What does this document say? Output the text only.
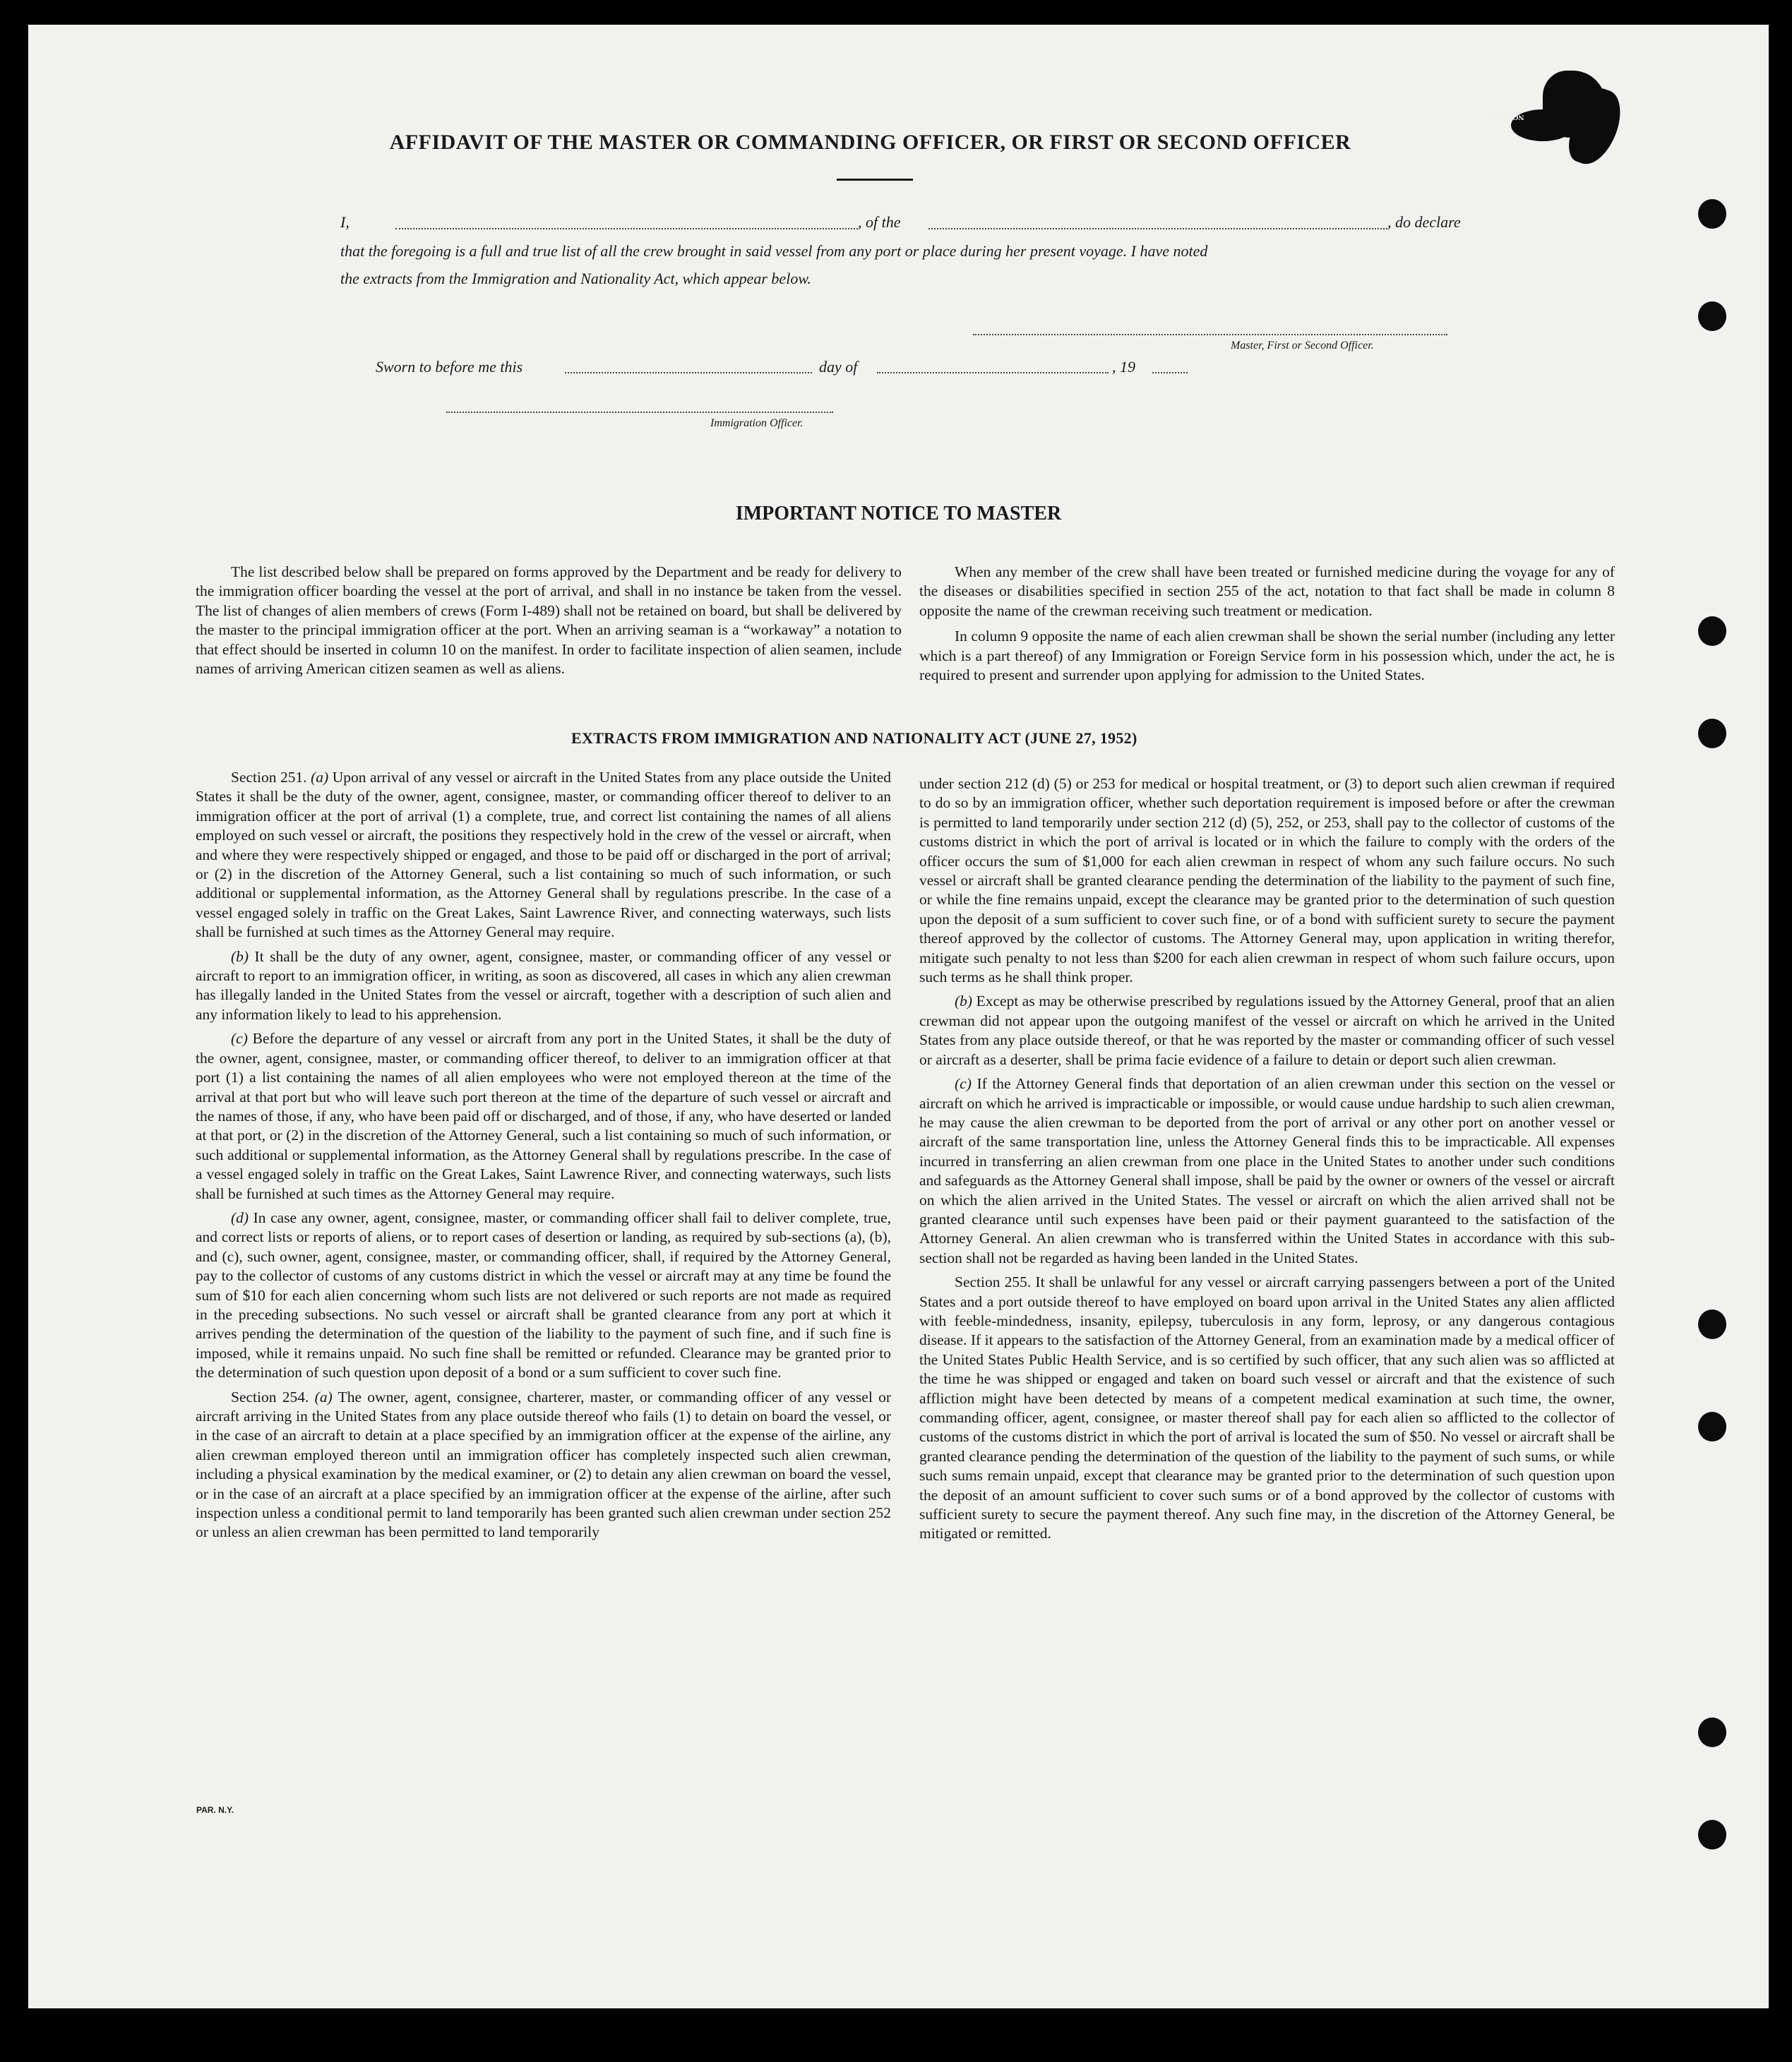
NOITVT
AFFIDAVIT OF THE MASTER OR COMMANDING OFFICER, OR FIRST OR SECOND OFFICER
I,	, of the	, do declare
that the foregoing is a full and true list of all the crew brought in said vessel from any port or place during her present voyage. I have noted
the extracts from the Immigration and Nationality Act, which appear below.
Master, First or Second Officer.
Sworn to before me this	day of	, 19
Immigration Officer.
IMPORTANT NOTICE TO MASTER

The list described below shall be prepared on forms approved by the Department and be ready for delivery to the immigration officer boarding the vessel at the port of arrival, and shall in no instance be taken from the vessel. The list of changes of alien members of crews (Form I-489) shall not be retained on board, but shall be delivered by the master to the principal immigration officer at the port. When an arriving seaman is a “workaway” a notation to that effect should be inserted in column 10 on the manifest. In order to facilitate inspection of alien seamen, include names of arriving American citizen seamen as well as aliens.

When any member of the crew shall have been treated or furnished medicine during the voyage for any of the diseases or disabilities specified in section 255 of the act, notation to that fact shall be made in column 8 opposite the name of the crewman receiving such treatment or medication.

In column 9 opposite the name of each alien crewman shall be shown the serial number (including any letter which is a part thereof) of any Immigration or Foreign Service form in his possession which, under the act, he is required to present and surrender upon applying for admission to the United States.

EXTRACTS FROM IMMIGRATION AND NATIONALITY ACT (JUNE 27, 1952)

Section 251. (a) Upon arrival of any vessel or aircraft in the United States from any place outside the United States it shall be the duty of the owner, agent, consignee, master, or commanding officer thereof to deliver to an immigration officer at the port of arrival (1) a complete, true, and correct list containing the names of all aliens employed on such vessel or aircraft, the positions they respectively hold in the crew of the vessel or aircraft, when and where they were respectively shipped or engaged, and those to be paid off or discharged in the port of arrival; or (2) in the discretion of the Attorney General, such a list containing so much of such information, or such additional or supplemental information, as the Attorney General shall by regulations prescribe. In the case of a vessel engaged solely in traffic on the Great Lakes, Saint Lawrence River, and connecting waterways, such lists shall be furnished at such times as the Attorney General may require.

(b) It shall be the duty of any owner, agent, consignee, master, or commanding officer of any vessel or aircraft to report to an immigration officer, in writing, as soon as discovered, all cases in which any alien crewman has illegally landed in the United States from the vessel or aircraft, together with a description of such alien and any information likely to lead to his apprehension.

(c) Before the departure of any vessel or aircraft from any port in the United States, it shall be the duty of the owner, agent, consignee, master, or commanding officer thereof, to deliver to an immigration officer at that port (1) a list containing the names of all alien employees who were not employed thereon at the time of the arrival at that port but who will leave such port thereon at the time of the departure of such vessel or aircraft and the names of those, if any, who have been paid off or discharged, and of those, if any, who have deserted or landed at that port, or (2) in the discretion of the Attorney General, such a list containing so much of such information, or such additional or supplemental information, as the Attorney General shall by regulations prescribe. In the case of a vessel engaged solely in traffic on the Great Lakes, Saint Lawrence River, and connecting waterways, such lists shall be furnished at such times as the Attorney General may require.

(d) In case any owner, agent, consignee, master, or commanding officer shall fail to deliver complete, true, and correct lists or reports of aliens, or to report cases of desertion or landing, as required by sub-sections (a), (b), and (c), such owner, agent, consignee, master, or commanding officer, shall, if required by the Attorney General, pay to the collector of customs of any customs district in which the vessel or aircraft may at any time be found the sum of $10 for each alien concerning whom such lists are not delivered or such reports are not made as required in the preceding subsections. No such vessel or aircraft shall be granted clearance from any port at which it arrives pending the determination of the question of the liability to the payment of such fine, and if such fine is imposed, while it remains unpaid. No such fine shall be remitted or refunded. Clearance may be granted prior to the determination of such question upon deposit of a bond or a sum sufficient to cover such fine.

Section 254. (a) The owner, agent, consignee, charterer, master, or commanding officer of any vessel or aircraft arriving in the United States from any place outside thereof who fails (1) to detain on board the vessel, or in the case of an aircraft to detain at a place specified by an immigration officer at the expense of the airline, any alien crewman employed thereon until an immigration officer has completely inspected such alien crewman, including a physical examination by the medical examiner, or (2) to detain any alien crewman on board the vessel, or in the case of an aircraft at a place specified by an immigration officer at the expense of the airline, after such inspection unless a conditional permit to land temporarily has been granted such alien crewman under section 252 or unless an alien crewman has been permitted to land temporarily

under section 212 (d) (5) or 253 for medical or hospital treatment, or (3) to deport such alien crewman if required to do so by an immigration officer, whether such deportation requirement is imposed before or after the crewman is permitted to land temporarily under section 212 (d) (5), 252, or 253, shall pay to the collector of customs of the customs district in which the port of arrival is located or in which the failure to comply with the orders of the officer occurs the sum of $1,000 for each alien crewman in respect of whom any such failure occurs. No such vessel or aircraft shall be granted clearance pending the determination of the liability to the payment of such fine, or while the fine remains unpaid, except the clearance may be granted prior to the determination of such question upon the deposit of a sum sufficient to cover such fine, or of a bond with sufficient surety to secure the payment thereof approved by the collector of customs. The Attorney General may, upon application in writing therefor, mitigate such penalty to not less than $200 for each alien crewman in respect of whom such failure occurs, upon such terms as he shall think proper.

(b) Except as may be otherwise prescribed by regulations issued by the Attorney General, proof that an alien crewman did not appear upon the outgoing manifest of the vessel or aircraft on which he arrived in the United States from any place outside thereof, or that he was reported by the master or commanding officer of such vessel or aircraft as a deserter, shall be prima facie evidence of a failure to detain or deport such alien crewman.

(c) If the Attorney General finds that deportation of an alien crewman under this section on the vessel or aircraft on which he arrived is impracticable or impossible, or would cause undue hardship to such alien crewman, he may cause the alien crewman to be deported from the port of arrival or any other port on another vessel or aircraft of the same transportation line, unless the Attorney General finds this to be impracticable. All expenses incurred in transferring an alien crewman from one place in the United States to another under such conditions and safeguards as the Attorney General shall impose, shall be paid by the owner or owners of the vessel or aircraft on which the alien arrived in the United States. The vessel or aircraft on which the alien arrived shall not be granted clearance until such expenses have been paid or their payment guaranteed to the satisfaction of the Attorney General. An alien crewman who is transferred within the United States in accordance with this sub-section shall not be regarded as having been landed in the United States.

Section 255. It shall be unlawful for any vessel or aircraft carrying passengers between a port of the United States and a port outside thereof to have employed on board upon arrival in the United States any alien afflicted with feeble-mindedness, insanity, epilepsy, tuberculosis in any form, leprosy, or any dangerous contagious disease. If it appears to the satisfaction of the Attorney General, from an examination made by a medical officer of the United States Public Health Service, and is so certified by such officer, that any such alien was so afflicted at the time he was shipped or engaged and taken on board such vessel or aircraft and that the existence of such affliction might have been detected by means of a competent medical examination at such time, the owner, commanding officer, agent, consignee, or master thereof shall pay for each alien so afflicted to the collector of customs of the customs district in which the port of arrival is located the sum of $50. No vessel or aircraft shall be granted clearance pending the determination of the question of the liability to the payment of such sums, or while such sums remain unpaid, except that clearance may be granted prior to the determination of such question upon the deposit of an amount sufficient to cover such sums or of a bond approved by the collector of customs with sufficient surety to secure the payment thereof. Any such fine may, in the discretion of the Attorney General, be mitigated or remitted.

PAR. N.Y.
